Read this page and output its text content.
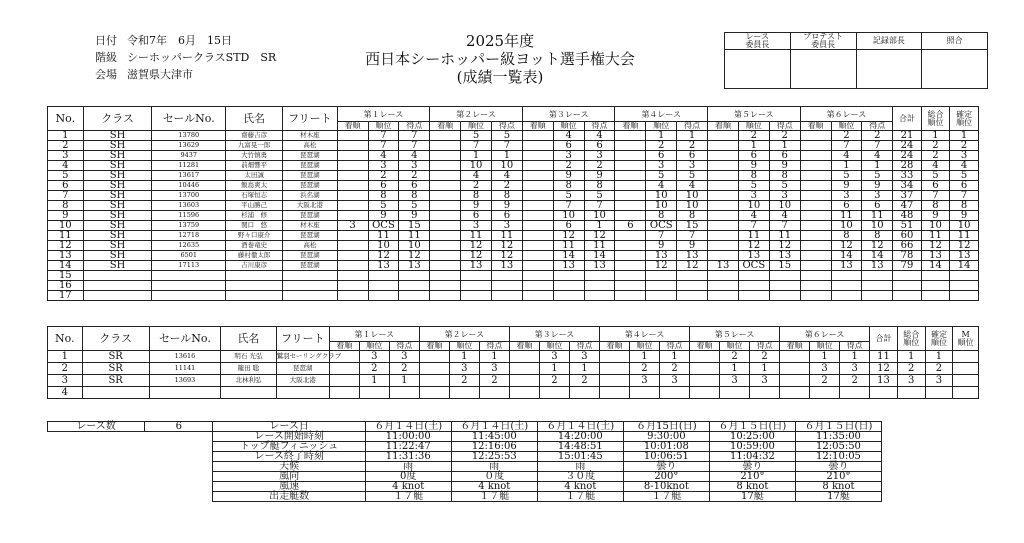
日付 令和7年　6月　15日
階級 シーホッパークラスSTD　SR
会場 滋賀県大津市
2025年度
西日本シーホッパー級ヨット選手権大会
(成績一覧表)
レース
委員長	プロテスト
委員長	記録部長	照合

No.	クラス	セールNo.	氏名	フリート	第１レース			第２レース			第３レース			第４レース			第５レース			第６レース			合計	総合
順位	確定
順位
					着順	順位	得点	着順	順位	得点	着順	順位	得点	着順	順位	得点	着順	順位	得点	着順	順位	得点			
1	SH	13780	齋藤吉彦	材木座		7	7		5	5		4	4		1	1		2	2		2	2	21	1	1
2	SH	13629	九富晃一郎	高松		7	7		7	7		6	6		2	2		1	1		7	7	24	2	2
3	SH	9437	大竹慎勇	琵琶湖		4	4		1	1		3	3		6	6		6	6		4	4	24	2	3
4	SH	11281	前畑響平	琵琶湖		3	3		10	10		2	2		3	3		9	9		1	1	28	4	4
5	SH	13617	太田誠	琵琶湖		2	2		4	4		9	9		5	5		8	8		5	5	33	5	5
6	SH	10446	飯島爽太	琵琶湖		6	6		2	2		8	8		4	4		5	5		9	9	34	6	6
7	SH	13700	石塚恒志	浜名湖		8	8		8	8		5	5		10	10		3	3		3	3	37	7	7
8	SH	13603	平山勝己	大阪北港		5	5		9	9		7	7		10	10		10	10		6	6	47	8	8
9	SH	11596	杉浦　修	琵琶湖		9	9		6	6		10	10		8	8		4	4		11	11	48	9	9
10	SH	13759	関口　悠	材木座	3	OCS	15		3	3		6	1	6	OCS	15		7	7		10	10	51	10	10
11	SH	12718	野々口康介	琵琶湖		11	11		11	11		12	12		7	7		11	11		8	8	60	11	11
12	SH	12635	酒巻竜史	高松		10	10		12	12		11	11		9	9		12	12		12	12	66	12	12
13	SH	6501	藤村徹太郎	琵琶湖		12	12		12	12		14	14		13	13		13	13		14	14	78	13	13
14	SH	17113	吉川康彦	琵琶湖		13	13		13	13		13	13		12	12	13	OCS	15		13	13	79	14	14
15																									
16																									
17																									
No.	クラス	セールNo.	氏名	フリート	第１レース			第２レース			第３レース			第４レース			第５レース			第６レース			合計	総合
順位	確定
順位	M
順位
					着順	順位	得点	着順	順位	得点	着順	順位	得点	着順	順位	得点	着順	順位	得点	着順	順位	得点				
1	SR	13616	明石 光弘	鷲羽セーリングクラブ		3	3		1	1		3	3		1	1		2	2		1	1	11	1	1	
2	SR	11141	籠田 聡	琵琶湖		2	2		3	3		1	1		2	2		1	1		3	3	12	2	2	
3	SR	13693	北林利弘	大阪北港		1	1		2	2		2	2		3	3		3	3		2	2	13	3	3	
4																										
レース数	6	レース日	６月１４日(土)	６月１４日(土)	６月１４日(土)	６月15日(日)	６月１５日(日)	６月１５日(日)
		レース開始時刻	11:00:00	11:45:00	14:20:00	9:30:00	10:25:00	11:35:00
		トップ艇フィニッシュ	11:22:47	12:16:06	14:48:51	10:01:08	10:59:00	12:05:50
		レース終了時刻	11:31:36	12:25:53	15:01:45	10:06:51	11:04:32	12:10:05
		天候	雨	雨	雨	曇り	曇り	曇り
		風向	0度	０度	３０度	200°	210°	210°
		風速	4 knot	4 knot	4 knot	8-10knot	8 knot	8 knot
		出走艇数	１７艇	１７艇	１７艇	１７艇	17艇	17艇
